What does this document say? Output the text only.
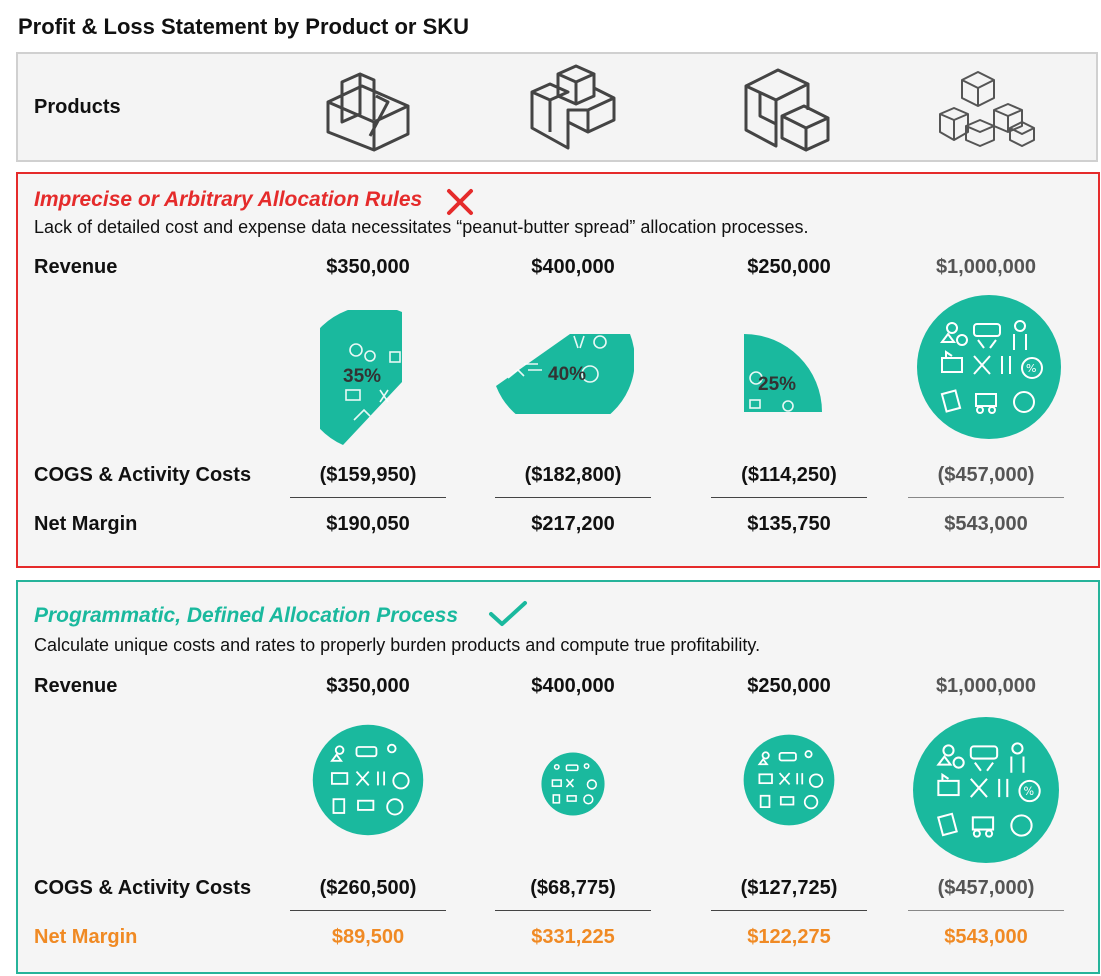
Profit & Loss Statement by Product or SKU
Products
Imprecise or Arbitrary Allocation Rules
Lack of detailed cost and expense data necessitates “peanut-butter spread” allocation processes.
Revenue	$350,000	$400,000	$250,000	$1,000,000
35%	40%	25%
%
COGS & Activity Costs	($159,950)	($182,800)	($114,250)	($457,000)
Net Margin	$190,050	$217,200	$135,750	$543,000
Programmatic, Defined Allocation Process
Calculate unique costs and rates to properly burden products and compute true profitability.
Revenue	$350,000	$400,000	$250,000	$1,000,000
%
COGS & Activity Costs	($260,500)	($68,775)	($127,725)	($457,000)
Net Margin	$89,500	$331,225	$122,275	$543,000
